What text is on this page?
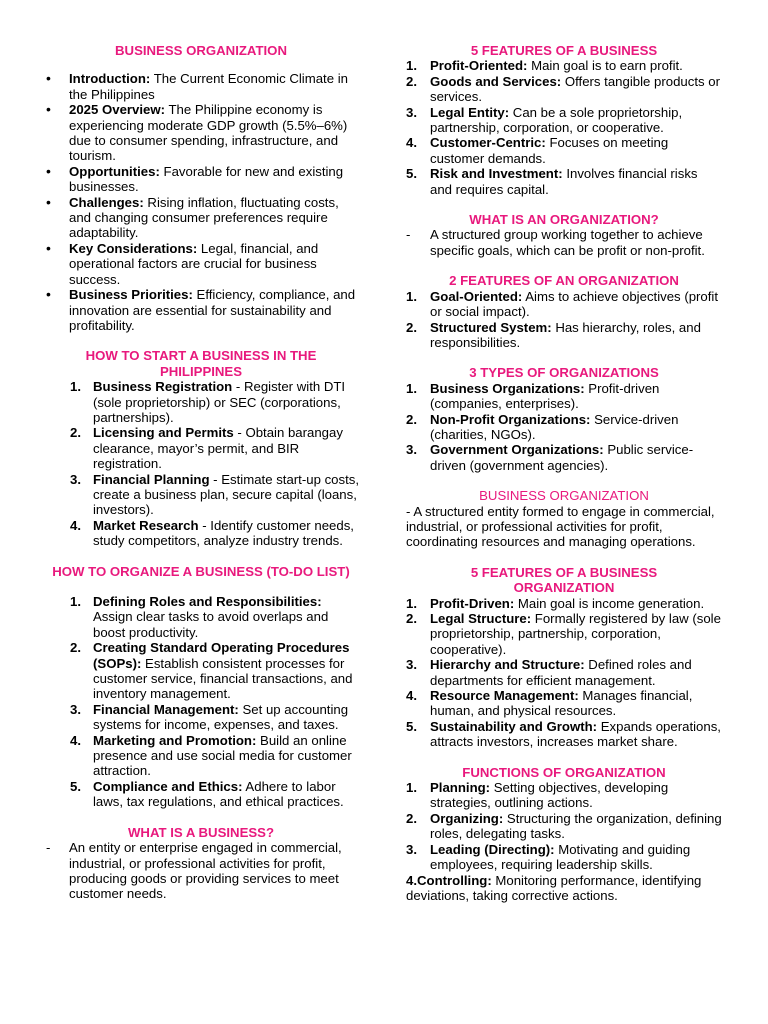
BUSINESS ORGANIZATION
• Introduction: The Current Economic Climate in the Philippines
• 2025 Overview: The Philippine economy is experiencing moderate GDP growth (5.5%–6%) due to consumer spending, infrastructure, and tourism.
• Opportunities: Favorable for new and existing businesses.
• Challenges: Rising inflation, fluctuating costs, and changing consumer preferences require adaptability.
• Key Considerations: Legal, financial, and operational factors are crucial for business success.
• Business Priorities: Efficiency, compliance, and innovation are essential for sustainability and profitability.
HOW TO START A BUSINESS IN THE PHILIPPINES
1. Business Registration - Register with DTI (sole proprietorship) or SEC (corporations, partnerships).
2. Licensing and Permits - Obtain barangay clearance, mayor’s permit, and BIR registration.
3. Financial Planning - Estimate start-up costs, create a business plan, secure capital (loans, investors).
4. Market Research - Identify customer needs, study competitors, analyze industry trends.
HOW TO ORGANIZE A BUSINESS (TO-DO LIST)
1. Defining Roles and Responsibilities: Assign clear tasks to avoid overlaps and boost productivity.
2. Creating Standard Operating Procedures (SOPs): Establish consistent processes for customer service, financial transactions, and inventory management.
3. Financial Management: Set up accounting systems for income, expenses, and taxes.
4. Marketing and Promotion: Build an online presence and use social media for customer attraction.
5. Compliance and Ethics: Adhere to labor laws, tax regulations, and ethical practices.
WHAT IS A BUSINESS?
- An entity or enterprise engaged in commercial, industrial, or professional activities for profit, producing goods or providing services to meet customer needs.
5 FEATURES OF A BUSINESS
1. Profit-Oriented: Main goal is to earn profit.
2. Goods and Services: Offers tangible products or services.
3. Legal Entity: Can be a sole proprietorship, partnership, corporation, or cooperative.
4. Customer-Centric: Focuses on meeting customer demands.
5. Risk and Investment: Involves financial risks and requires capital.
WHAT IS AN ORGANIZATION?
- A structured group working together to achieve specific goals, which can be profit or non-profit.
2 FEATURES OF AN ORGANIZATION
1. Goal-Oriented: Aims to achieve objectives (profit or social impact).
2. Structured System: Has hierarchy, roles, and responsibilities.
3 TYPES OF ORGANIZATIONS
1. Business Organizations: Profit-driven (companies, enterprises).
2. Non-Profit Organizations: Service-driven (charities, NGOs).
3. Government Organizations: Public service-driven (government agencies).
BUSINESS ORGANIZATION

- A structured entity formed to engage in commercial, industrial, or professional activities for profit, coordinating resources and managing operations.

5 FEATURES OF A BUSINESS ORGANIZATION
1. Profit-Driven: Main goal is income generation.
2. Legal Structure: Formally registered by law (sole proprietorship, partnership, corporation, cooperative).
3. Hierarchy and Structure: Defined roles and departments for efficient management.
4. Resource Management: Manages financial, human, and physical resources.
5. Sustainability and Growth: Expands operations, attracts investors, increases market share.
FUNCTIONS OF ORGANIZATION
1. Planning: Setting objectives, developing strategies, outlining actions.
2. Organizing: Structuring the organization, defining roles, delegating tasks.
3. Leading (Directing): Motivating and guiding employees, requiring leadership skills.

4.Controlling: Monitoring performance, identifying deviations, taking corrective actions.
